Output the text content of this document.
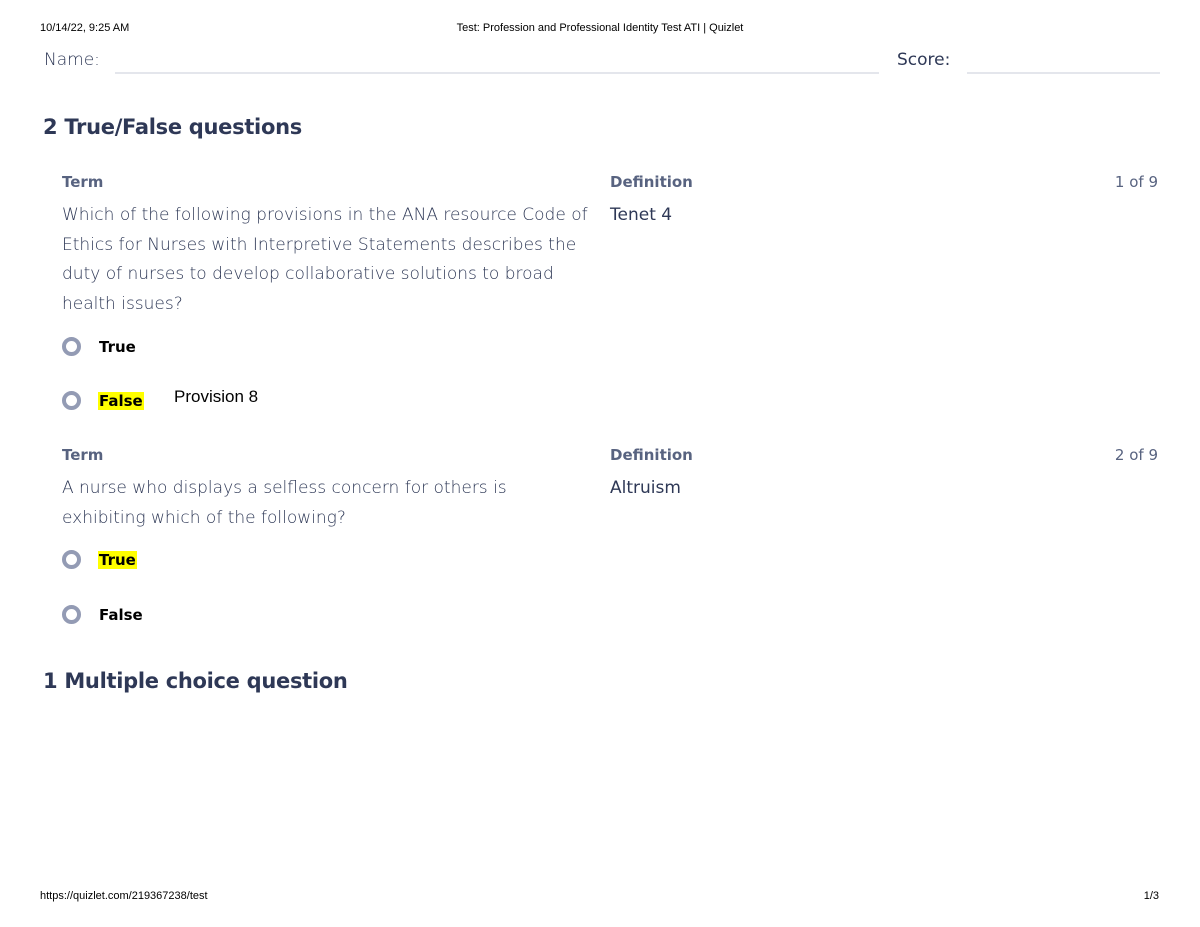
10/14/22, 9:25 AM	Test: Profession and Professional Identity Test ATI | Quizlet
Name:	Score:
2 True/False questions
Term	Definition	1 of 9
Which of the following provisions in the ANA resource Code of Ethics for Nurses with Interpretive Statements describes the duty of nurses to develop collaborative solutions to broad health issues?
Tenet 4
True
False Provision 8
Term	Definition	2 of 9
A nurse who displays a selfless concern for others is exhibiting which of the following?
Altruism
True
False
1 Multiple choice question
https://quizlet.com/219367238/test	1/3
